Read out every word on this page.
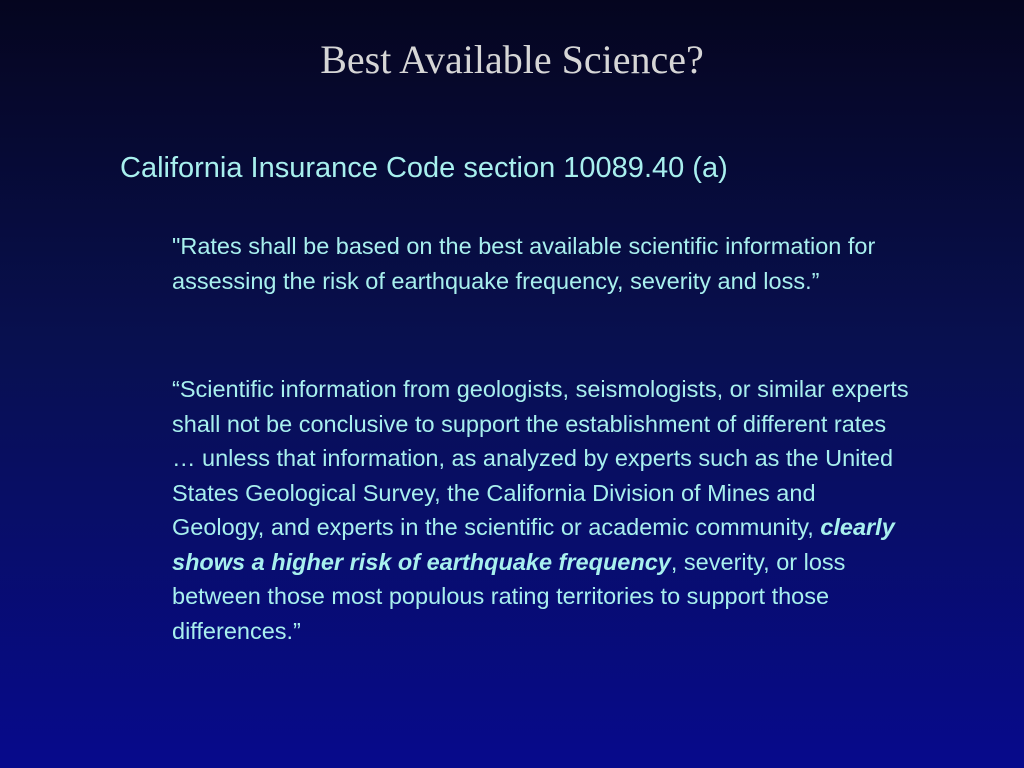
Best Available Science?
California Insurance Code section 10089.40 (a)

"Rates shall be based on the best available scientific information for assessing the risk of earthquake frequency, severity and loss.”

“Scientific information from geologists, seismologists, or similar experts shall not be conclusive to support the establishment of different rates … unless that information, as analyzed by experts such as the United States Geological Survey, the California Division of Mines and Geology, and experts in the scientific or academic community, clearly shows a higher risk of earthquake frequency, severity, or loss between those most populous rating territories to support those differences.”
